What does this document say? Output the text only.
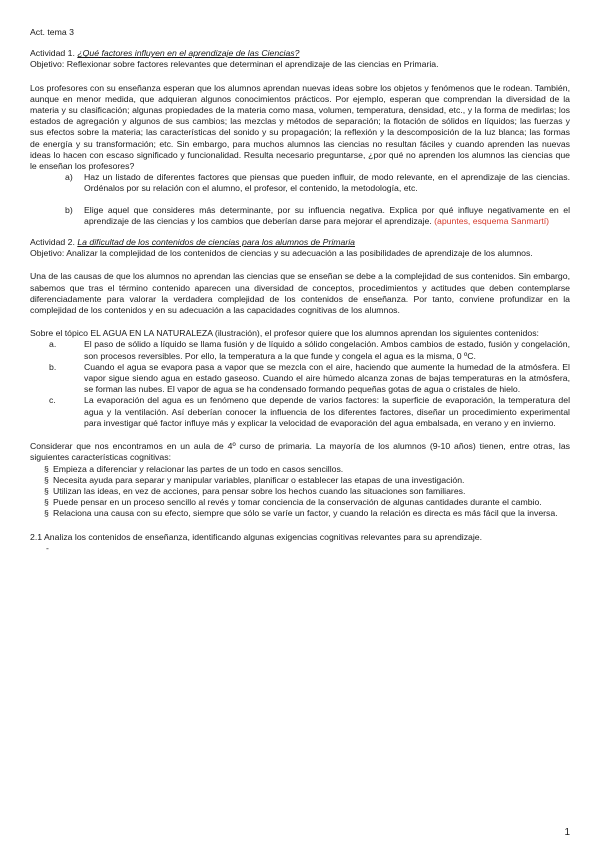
Act. tema 3

Actividad 1. ¿Qué factores influyen en el aprendizaje de las Ciencias?

Objetivo: Reflexionar sobre factores relevantes que determinan el aprendizaje de las ciencias en Primaria.

Los profesores con su enseñanza esperan que los alumnos aprendan nuevas ideas sobre los objetos y fenómenos que le rodean. También, aunque en menor medida, que adquieran algunos conocimientos prácticos. Por ejemplo, esperan que comprendan la diversidad de la materia y su clasificación; algunas propiedades de la materia como masa, volumen, temperatura, densidad, etc., y la forma de medirlas; los estados de agregación y algunos de sus cambios; las mezclas y métodos de separación; la flotación de sólidos en líquidos; las fuerzas y sus efectos sobre la materia; las características del sonido y su propagación; la reflexión y la descomposición de la luz blanca; las formas de energía y su transformación; etc. Sin embargo, para muchos alumnos las ciencias no resultan fáciles y cuando aprenden las nuevas ideas lo hacen con escaso significado y funcionalidad. Resulta necesario preguntarse, ¿por qué no aprenden los alumnos las ciencias que le enseñan los profesores?

a) Haz un listado de diferentes factores que piensas que pueden influir, de modo relevante, en el aprendizaje de las ciencias. Ordénalos por su relación con el alumno, el profesor, el contenido, la metodología, etc.
b) Elige aquel que consideres más determinante, por su influencia negativa. Explica por qué influye negativamente en el aprendizaje de las ciencias y los cambios que deberían darse para mejorar el aprendizaje. (apuntes, esquema Sanmartí)

Actividad 2. La dificultad de los contenidos de ciencias para los alumnos de Primaria

Objetivo: Analizar la complejidad de los contenidos de ciencias y su adecuación a las posibilidades de aprendizaje de los alumnos.

Una de las causas de que los alumnos no aprendan las ciencias que se enseñan se debe a la complejidad de sus contenidos. Sin embargo, sabemos que tras el término contenido aparecen una diversidad de conceptos, procedimientos y actitudes que deben contemplarse diferenciadamente para valorar la verdadera complejidad de los contenidos de enseñanza. Por tanto, conviene profundizar en la complejidad de los contenidos y en su adecuación a las capacidades cognitivas de los alumnos.

Sobre el tópico EL AGUA EN LA NATURALEZA (ilustración), el profesor quiere que los alumnos aprendan los siguientes contenidos:

a.	El paso de sólido a líquido se llama fusión y de líquido a sólido congelación. Ambos cambios de estado, fusión y congelación, son procesos reversibles. Por ello, la temperatura a la que funde y congela el agua es la misma, 0 ºC.
b.	Cuando el agua se evapora pasa a vapor que se mezcla con el aire, haciendo que aumente la humedad de la atmósfera. El vapor sigue siendo agua en estado gaseoso. Cuando el aire húmedo alcanza zonas de bajas temperaturas en la atmósfera, se forman las nubes. El vapor de agua se ha condensado formando pequeñas gotas de agua o cristales de hielo.
c.	La evaporación del agua es un fenómeno que depende de varios factores: la superficie de evaporación, la temperatura del agua y la ventilación. Así deberían conocer la influencia de los diferentes factores, diseñar un procedimiento experimental para investigar qué factor influye más y explicar la velocidad de evaporación del agua embalsada, en verano y en invierno.

Considerar que nos encontramos en un aula de 4º curso de primaria. La mayoría de los alumnos (9-10 años) tienen, entre otras, las siguientes características cognitivas:

§ Empieza a diferenciar y relacionar las partes de un todo en casos sencillos.
§ Necesita ayuda para separar y manipular variables, planificar o establecer las etapas de una investigación.
§ Utilizan las ideas, en vez de acciones, para pensar sobre los hechos cuando las situaciones son familiares.
§ Puede pensar en un proceso sencillo al revés y tomar conciencia de la conservación de algunas cantidades durante el cambio.
§ Relaciona una causa con su efecto, siempre que sólo se varíe un factor, y cuando la relación es directa es más fácil que la inversa.

2.1 Analiza los contenidos de enseñanza, identificando algunas exigencias cognitivas relevantes para su aprendizaje.

-

1
